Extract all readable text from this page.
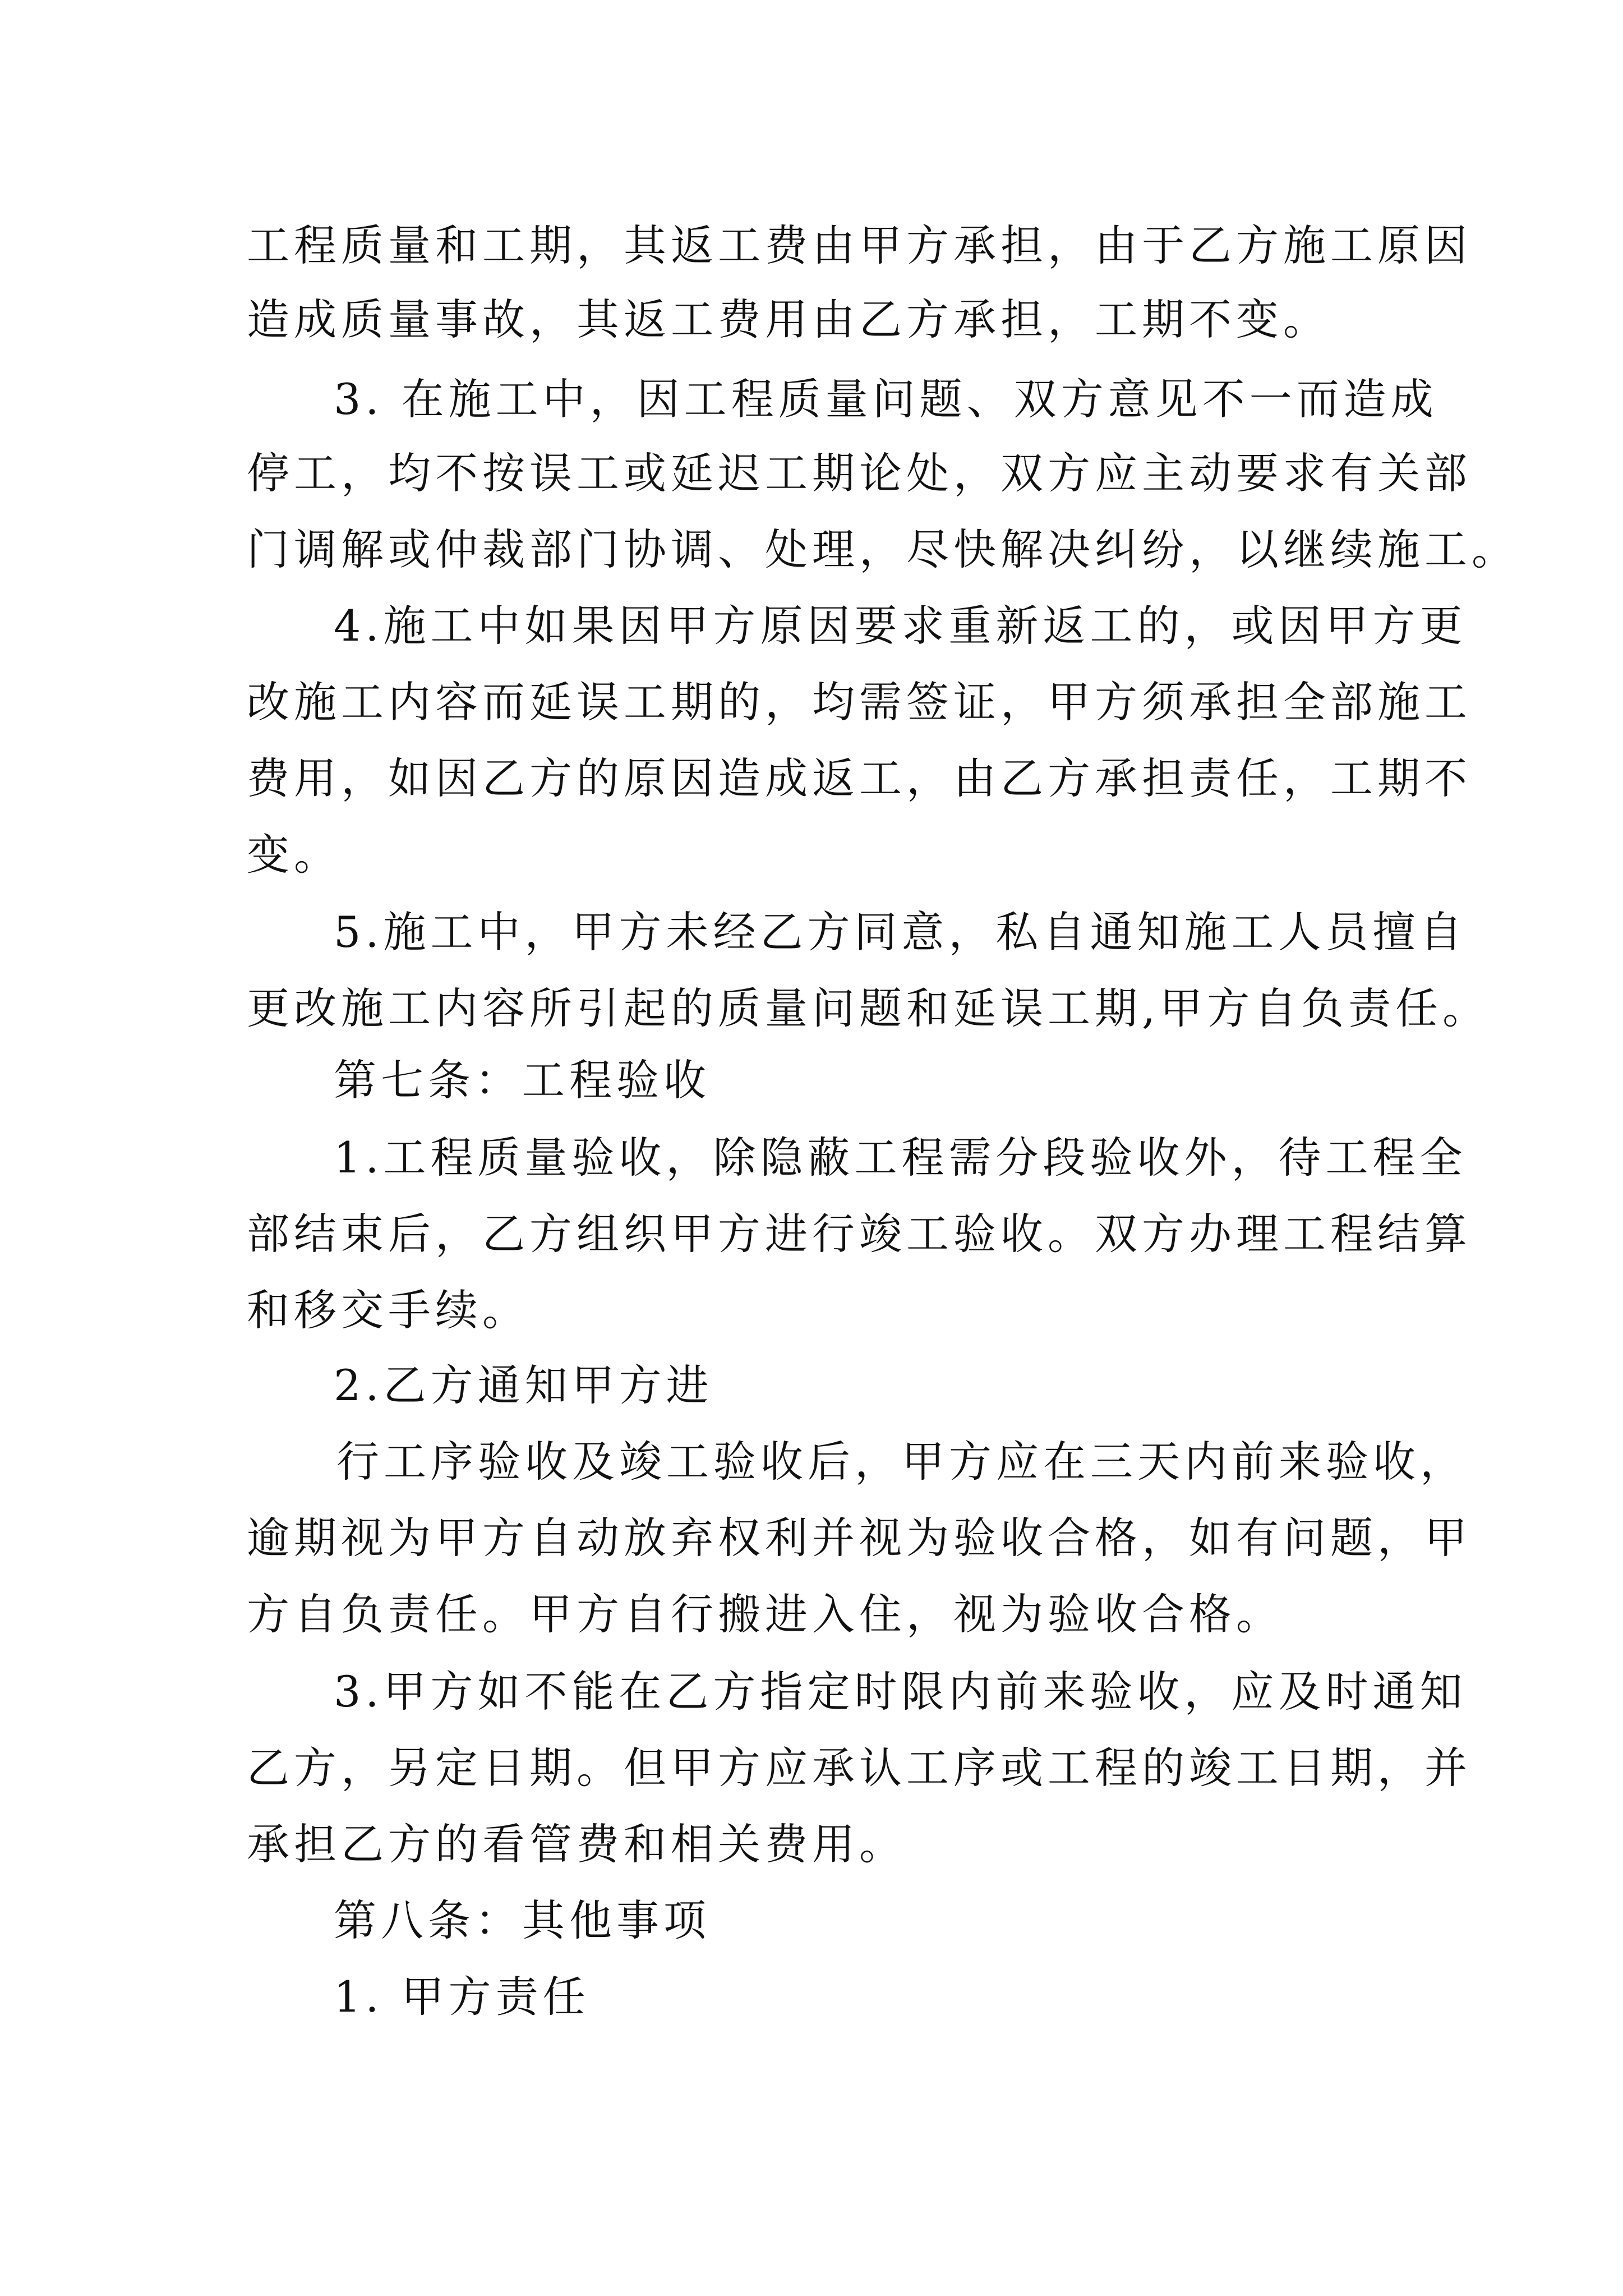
工程质量和工期，其返工费由甲方承担，由于乙方施工原因
造成质量事故，其返工费用由乙方承担，工期不变。
3. 在施工中，因工程质量问题、双方意见不一而造成
停工，均不按误工或延迟工期论处，双方应主动要求有关部
门调解或仲裁部门协调、处理，尽快解决纠纷，以继续施工。
4.施工中如果因甲方原因要求重新返工的，或因甲方更
改施工内容而延误工期的，均需签证，甲方须承担全部施工
费用，如因乙方的原因造成返工，由乙方承担责任，工期不
变。
5.施工中，甲方未经乙方同意，私自通知施工人员擅自
更改施工内容所引起的质量问题和延误工期,甲方自负责任。
第七条：工程验收
1.工程质量验收，除隐蔽工程需分段验收外，待工程全
部结束后，乙方组织甲方进行竣工验收。双方办理工程结算
和移交手续。
2.乙方通知甲方进
行工序验收及竣工验收后，甲方应在三天内前来验收，
逾期视为甲方自动放弃权利并视为验收合格，如有问题，甲
方自负责任。甲方自行搬进入住，视为验收合格。
3.甲方如不能在乙方指定时限内前来验收，应及时通知
乙方，另定日期。但甲方应承认工序或工程的竣工日期，并
承担乙方的看管费和相关费用。
第八条：其他事项
1. 甲方责任
